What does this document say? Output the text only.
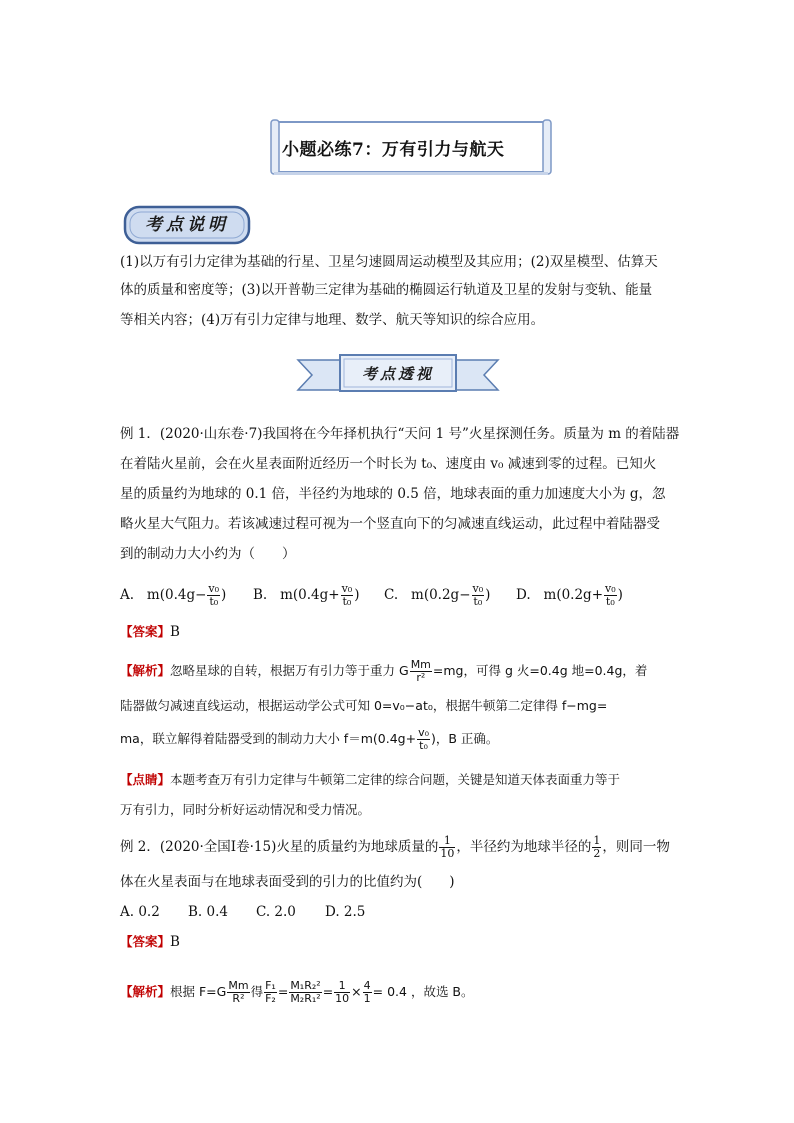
小题必练7：万有引力与航天
考点说明
(1)以万有引力定律为基础的行星、卫星匀速圆周运动模型及其应用；(2)双星模型、估算天
体的质量和密度等；(3)以开普勒三定律为基础的椭圆运行轨道及卫星的发射与变轨、能量
等相关内容；(4)万有引力定律与地理、数学、航天等知识的综合应用。
考点透视
例 1．(2020·山东卷·7)我国将在今年择机执行“天问 1 号”火星探测任务。质量为 m 的着陆器
在着陆火星前，会在火星表面附近经历一个时长为 t₀、速度由 v₀ 减速到零的过程。已知火
星的质量约为地球的 0.1 倍，半径约为地球的 0.5 倍，地球表面的重力加速度大小为 g，忽
略火星大气阻力。若该减速过程可视为一个竖直向下的匀减速直线运动，此过程中着陆器受
到的制动力大小约为（　　）
A. $m(0.4g- \frac{\text{v₀}}{\text{t₀}}$ ) B. $m(0.4g+ \frac{\text{v₀}}{\text{t₀}}$ ) C. $m(0.2g- \frac{\text{v₀}}{\text{t₀}}$ ) D. $m(0.2g+ \frac{\text{v₀}}{\text{t₀}}$ )
【答案】B
【解析】忽略星球的自转，根据万有引力等于重力 G $\frac{Mm}{\text{r²}} =mg$，可得 g 火=0.4g 地=0.4g，着
陆器做匀减速直线运动，根据运动学公式可知 0=v₀−at₀，根据牛顿第二定律得 f−mg=
ma，联立解得着陆器受到的制动力大小 $f=m(0.4g+ \frac{\text{v₀}}{\text{t₀}}$ )，B 正确。
【点睛】本题考查万有引力定律与牛顿第二定律的综合问题，关键是知道天体表面重力等于
万有引力，同时分析好运动情况和受力情况。
例 2．(2020·全国Ⅰ卷·15)火星的质量约为地球质量的 $\frac{1}{10}$ ，半径约为地球半径的 $\frac{1}{2}$ ，则同一物
体在火星表面与在地球表面受到的引力的比值约为(　　)
A. 0.2 B. 0.4 C. 2.0 D. 2.5
【答案】B
【解析】根据 $F=G \frac{Mm}{\text{R²}}$ 得 $\frac{\text{F₁}}{\text{F₂}} = \frac{\text{M₁R₂²}}{\text{M₂R₁²}} = \frac{1}{10} \times \frac{4}{1} = 0.4$ ，故选 B。
